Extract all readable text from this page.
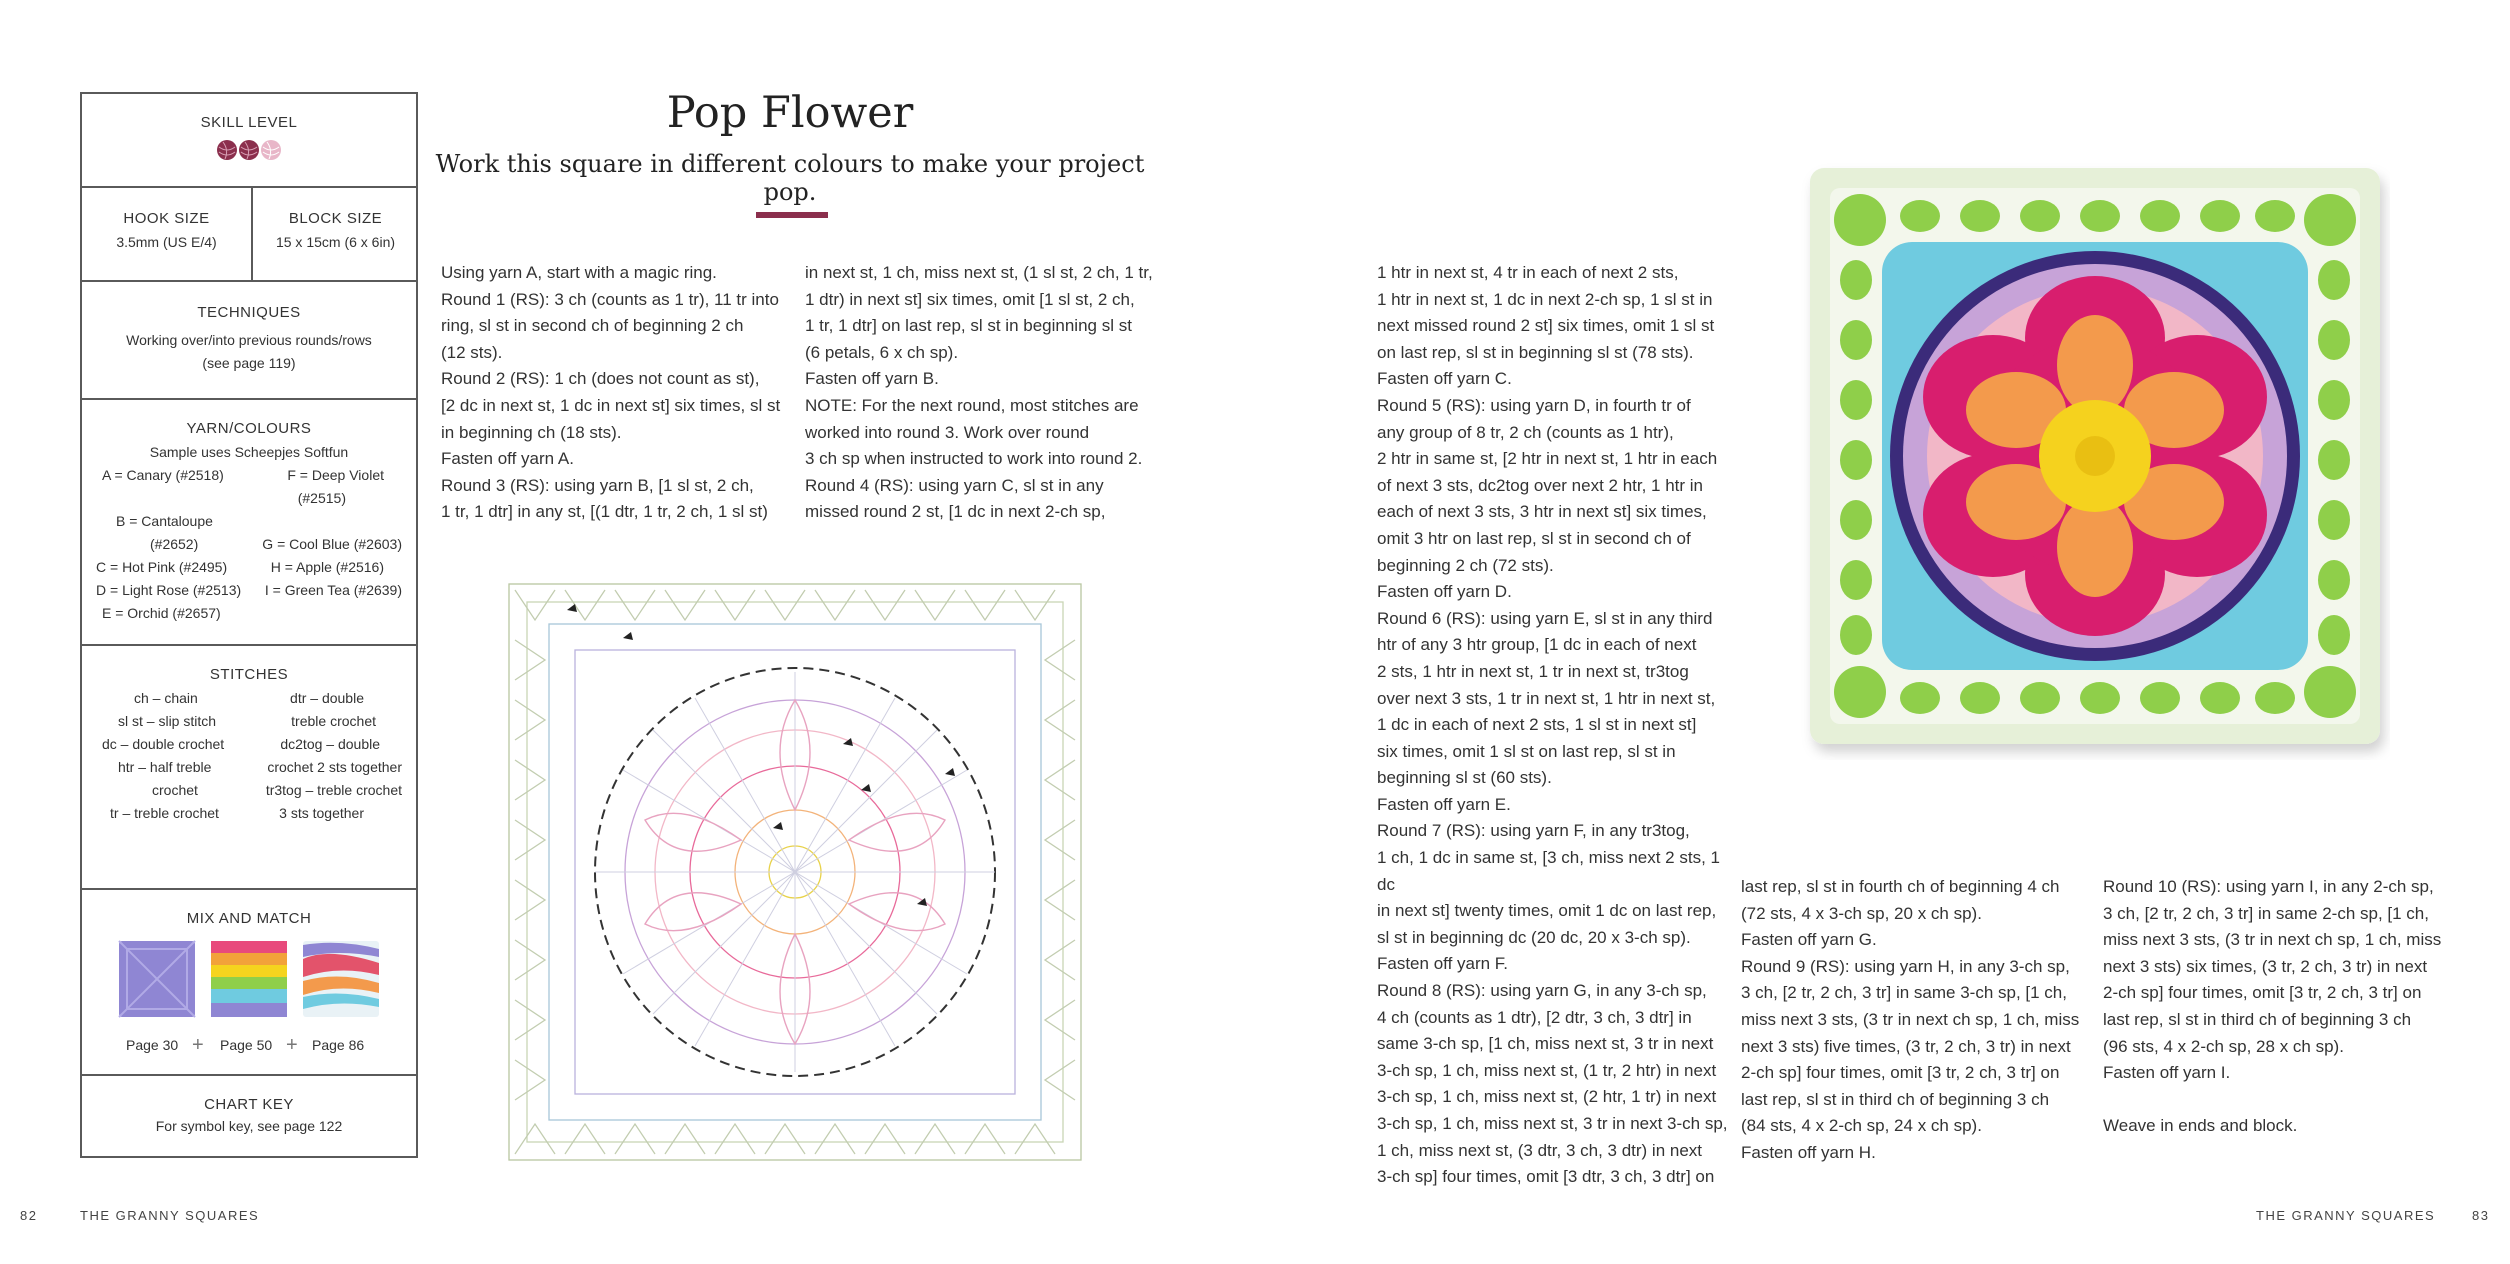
SKILL LEVEL
HOOK SIZE
3.5mm (US E/4)
BLOCK SIZE
15 x 15cm (6 x 6in)
TECHNIQUES
Working over/into previous rounds/rows
(see page 119)
YARN/COLOURS
Sample uses Scheepjes Softfun
A = Canary (#2518)	F = Deep Violet
(#2515)
B = Cantaloupe
(#2652)	G = Cool Blue (#2603)
C = Hot Pink (#2495)	H = Apple (#2516)
D = Light Rose (#2513) I = Green Tea (#2639)
E = Orchid (#2657)
STITCHES
ch – chain	dtr – double
sl st – slip stitch	treble crochet
dc – double crochet	dc2tog – double
htr – half treble	crochet 2 sts together
crochet	tr3tog – treble crochet
tr – treble crochet	3 sts together
MIX AND MATCH
Page 30 + Page 50 + Page 86
CHART KEY
For symbol key, see page 122
Pop Flower
Work this square in different colours to make your project pop.
Using yarn A, start with a magic ring.
Round 1 (RS): 3 ch (counts as 1 tr), 11 tr into
ring, sl st in second ch of beginning 2 ch
(12 sts).
Round 2 (RS): 1 ch (does not count as st),
[2 dc in next st, 1 dc in next st] six times, sl st
in beginning ch (18 sts).
Fasten off yarn A.
Round 3 (RS): using yarn B, [1 sl st, 2 ch,
1 tr, 1 dtr] in any st, [(1 dtr, 1 tr, 2 ch, 1 sl st)
in next st, 1 ch, miss next st, (1 sl st, 2 ch, 1 tr,
1 dtr) in next st] six times, omit [1 sl st, 2 ch,
1 tr, 1 dtr] on last rep, sl st in beginning sl st
(6 petals, 6 x ch sp).
Fasten off yarn B.
NOTE: For the next round, most stitches are
worked into round 3. Work over round
3 ch sp when instructed to work into round 2.
Round 4 (RS): using yarn C, sl st in any
missed round 2 st, [1 dc in next 2-ch sp,
1 htr in next st, 4 tr in each of next 2 sts,
1 htr in next st, 1 dc in next 2-ch sp, 1 sl st in
next missed round 2 st] six times, omit 1 sl st
on last rep, sl st in beginning sl st (78 sts).
Fasten off yarn C.
Round 5 (RS): using yarn D, in fourth tr of
any group of 8 tr, 2 ch (counts as 1 htr),
2 htr in same st, [2 htr in next st, 1 htr in each
of next 3 sts, dc2tog over next 2 htr, 1 htr in
each of next 3 sts, 3 htr in next st] six times,
omit 3 htr on last rep, sl st in second ch of
beginning 2 ch (72 sts).
Fasten off yarn D.
Round 6 (RS): using yarn E, sl st in any third
htr of any 3 htr group, [1 dc in each of next
2 sts, 1 htr in next st, 1 tr in next st, tr3tog
over next 3 sts, 1 tr in next st, 1 htr in next st,
1 dc in each of next 2 sts, 1 sl st in next st]
six times, omit 1 sl st on last rep, sl st in
beginning sl st (60 sts).
Fasten off yarn E.
Round 7 (RS): using yarn F, in any tr3tog,
1 ch, 1 dc in same st, [3 ch, miss next 2 sts, 1 dc
in next st] twenty times, omit 1 dc on last rep,
sl st in beginning dc (20 dc, 20 x 3-ch sp).
Fasten off yarn F.
Round 8 (RS): using yarn G, in any 3-ch sp,
4 ch (counts as 1 dtr), [2 dtr, 3 ch, 3 dtr] in
same 3-ch sp, [1 ch, miss next st, 3 tr in next
3-ch sp, 1 ch, miss next st, (1 tr, 2 htr) in next
3-ch sp, 1 ch, miss next st, (2 htr, 1 tr) in next
3-ch sp, 1 ch, miss next st, 3 tr in next 3-ch sp,
1 ch, miss next st, (3 dtr, 3 ch, 3 dtr) in next
3-ch sp] four times, omit [3 dtr, 3 ch, 3 dtr] on
last rep, sl st in fourth ch of beginning 4 ch
(72 sts, 4 x 3-ch sp, 20 x ch sp).
Fasten off yarn G.
Round 9 (RS): using yarn H, in any 3-ch sp,
3 ch, [2 tr, 2 ch, 3 tr] in same 3-ch sp, [1 ch,
miss next 3 sts, (3 tr in next ch sp, 1 ch, miss
next 3 sts) five times, (3 tr, 2 ch, 3 tr) in next
2-ch sp] four times, omit [3 tr, 2 ch, 3 tr] on
last rep, sl st in third ch of beginning 3 ch
(84 sts, 4 x 2-ch sp, 24 x ch sp).
Fasten off yarn H.
Round 10 (RS): using yarn I, in any 2-ch sp,
3 ch, [2 tr, 2 ch, 3 tr] in same 2-ch sp, [1 ch,
miss next 3 sts, (3 tr in next ch sp, 1 ch, miss
next 3 sts) six times, (3 tr, 2 ch, 3 tr) in next
2-ch sp] four times, omit [3 tr, 2 ch, 3 tr] on
last rep, sl st in third ch of beginning 3 ch
(96 sts, 4 x 2-ch sp, 28 x ch sp).
Fasten off yarn I.

Weave in ends and block.
82	THE GRANNY SQUARES	THE GRANNY SQUARES	83
